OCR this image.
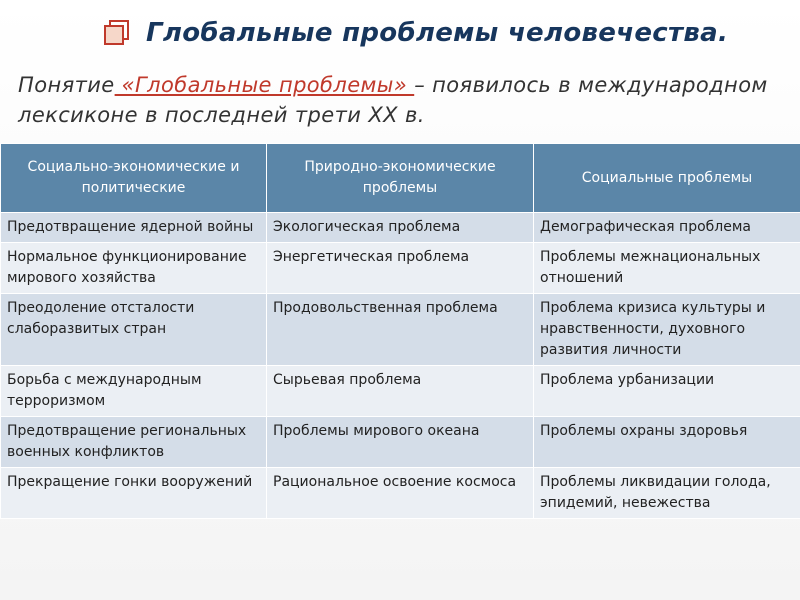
Глобальные проблемы человечества.
Понятие «Глобальные проблемы» – появилось в международном лексиконе в последней трети XX в.
Социально-экономические и политические	Природно-экономические проблемы	Социальные проблемы
Предотвращение ядерной войны	Экологическая проблема	Демографическая проблема
Нормальное функционирование мирового хозяйства	Энергетическая проблема	Проблемы межнациональных отношений
Преодоление отсталости слаборазвитых стран	Продовольственная проблема	Проблема кризиса культуры и нравственности, духовного развития личности
Борьба с международным терроризмом	Сырьевая проблема	Проблема урбанизации
Предотвращение региональных военных конфликтов	Проблемы мирового океана	Проблемы охраны здоровья
Прекращение гонки вооружений	Рациональное освоение космоса	Проблемы ликвидации голода, эпидемий, невежества
